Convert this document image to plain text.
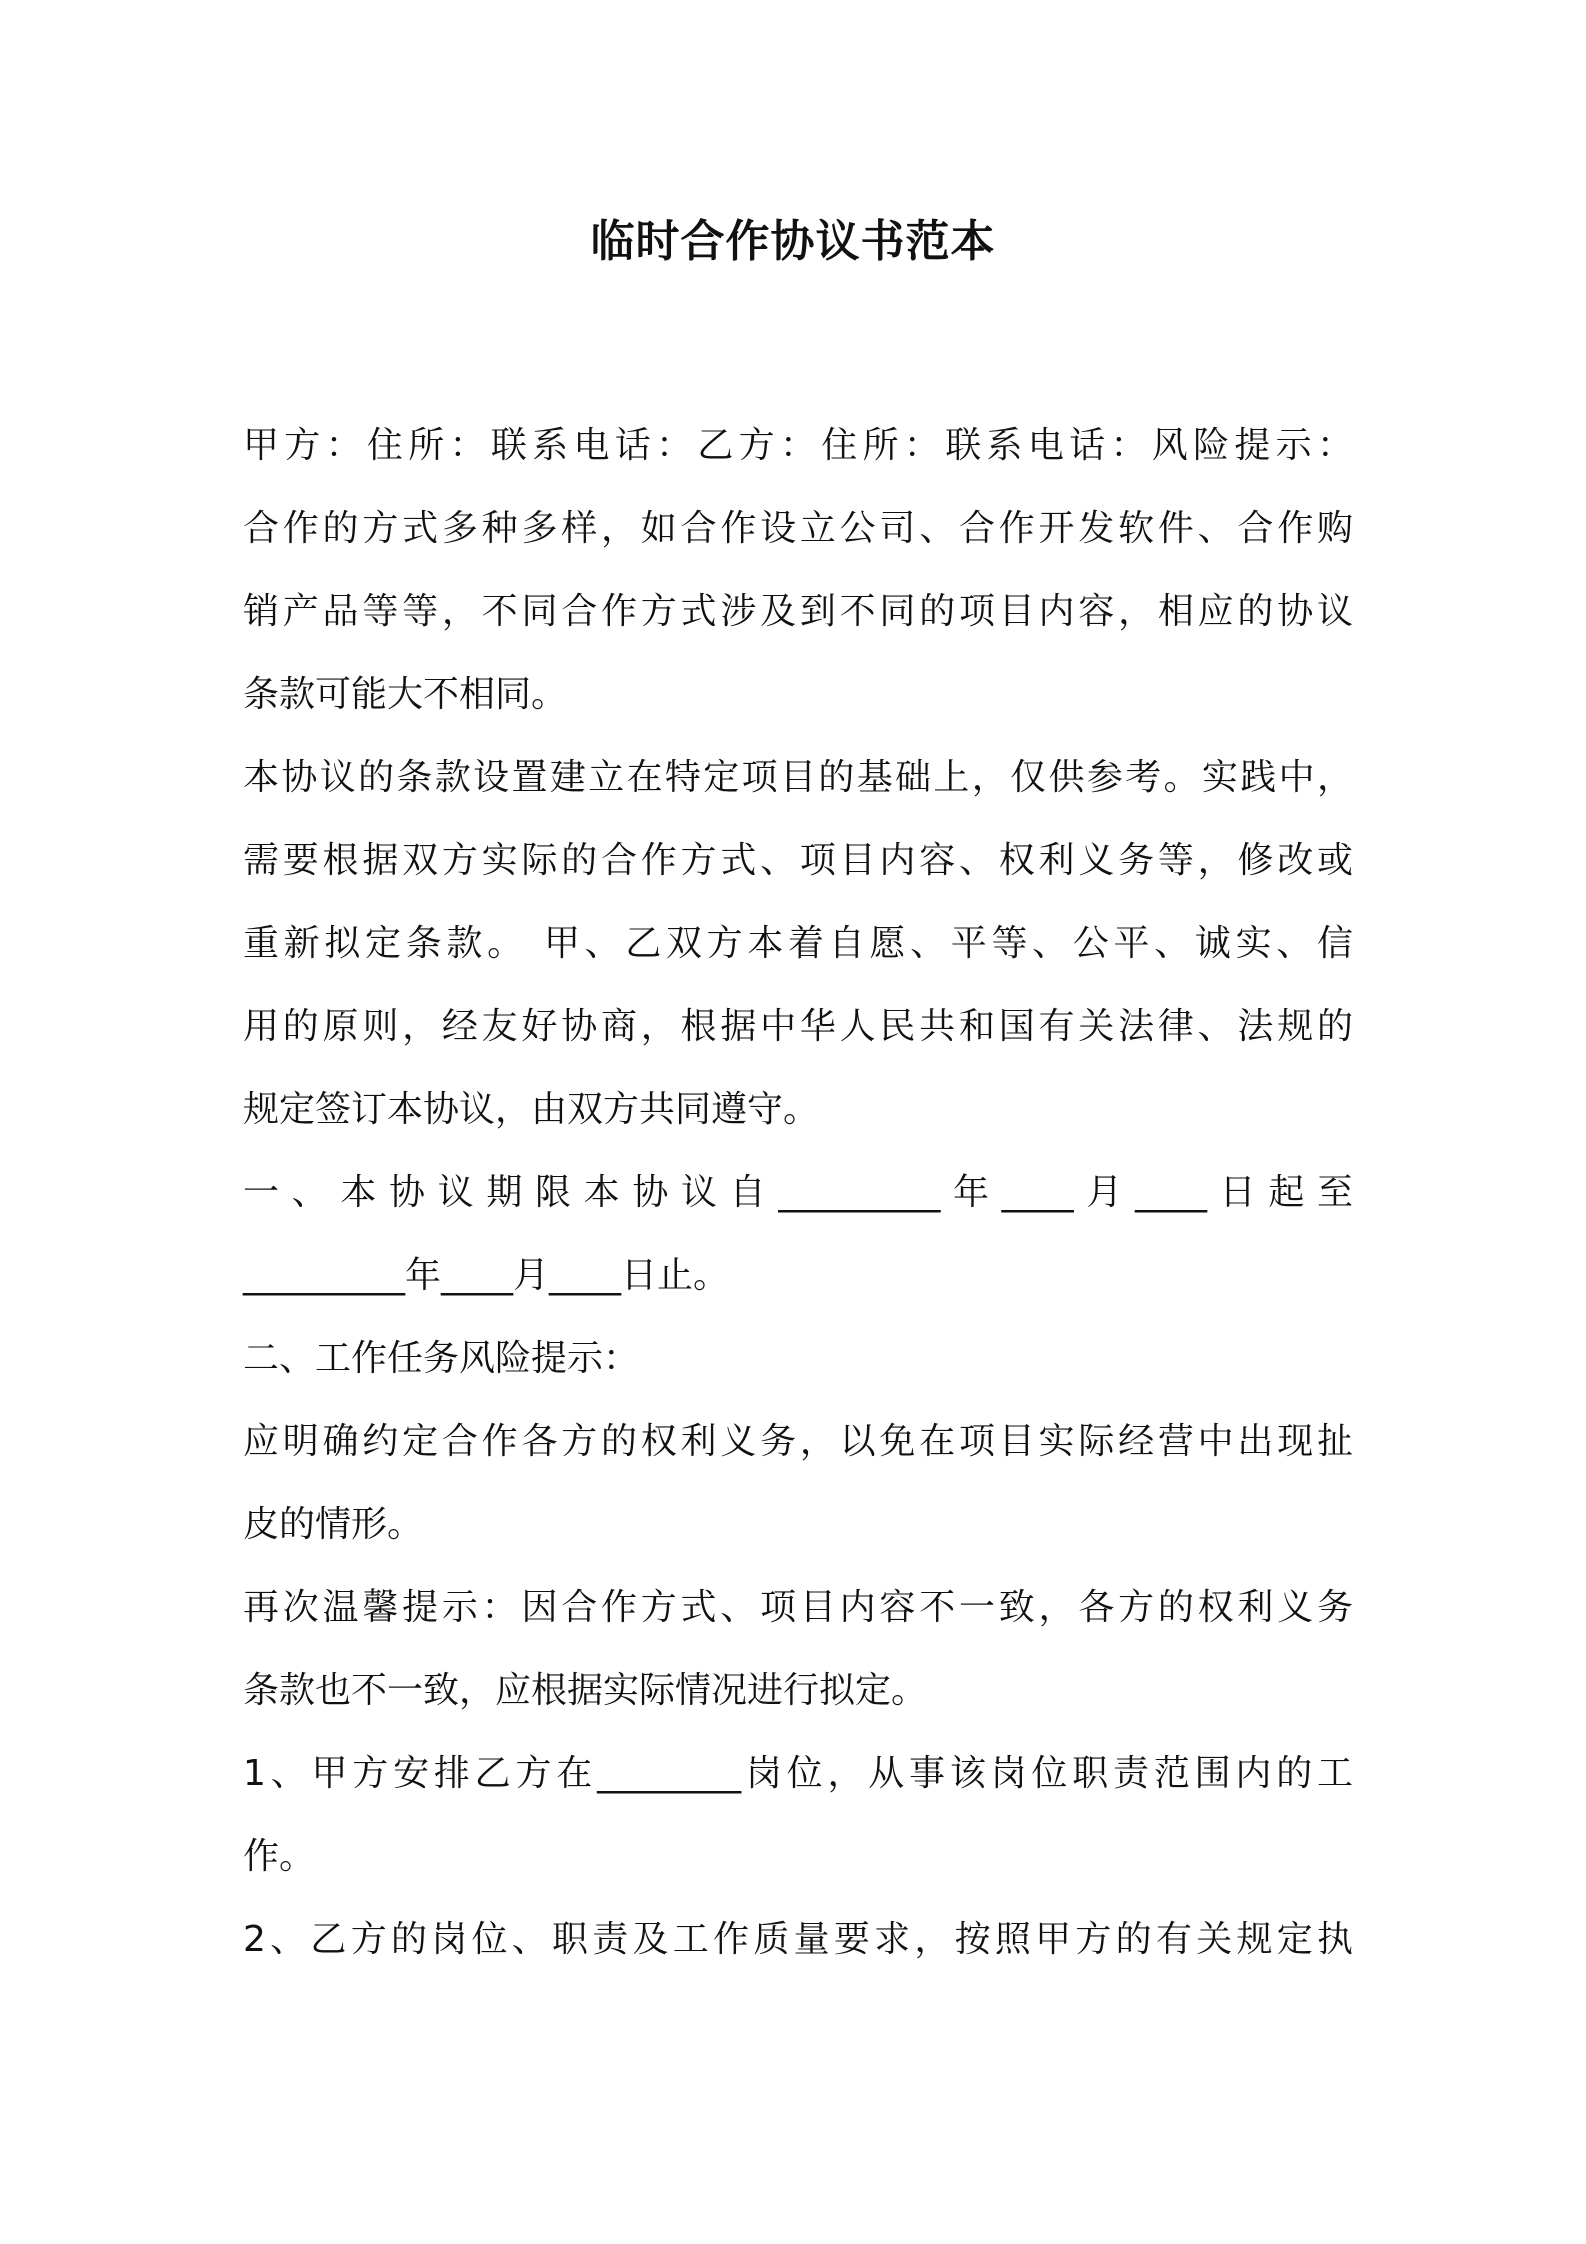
临时合作协议书范本

甲方：住所：联系电话：乙方：住所：联系电话：风险提示：

合作的方式多种多样，如合作设立公司、合作开发软件、合作购

销产品等等，不同合作方式涉及到不同的项目内容，相应的协议

条款可能大不相同。

本协议的条款设置建立在特定项目的基础上，仅供参考。实践中，

需要根据双方实际的合作方式、项目内容、权利义务等，修改或

重新拟定条款。 甲、乙双方本着自愿、平等、公平、诚实、信

用的原则，经友好协商，根据中华人民共和国有关法律、法规的

规定签订本协议，由双方共同遵守。

一、本协议期限本协议自_________年____月____日起至

_________年____月____日止。

二、工作任务风险提示：

应明确约定合作各方的权利义务，以免在项目实际经营中出现扯

皮的情形。

再次温馨提示：因合作方式、项目内容不一致，各方的权利义务

条款也不一致，应根据实际情况进行拟定。

1、甲方安排乙方在________岗位，从事该岗位职责范围内的工

作。

2、乙方的岗位、职责及工作质量要求，按照甲方的有关规定执
